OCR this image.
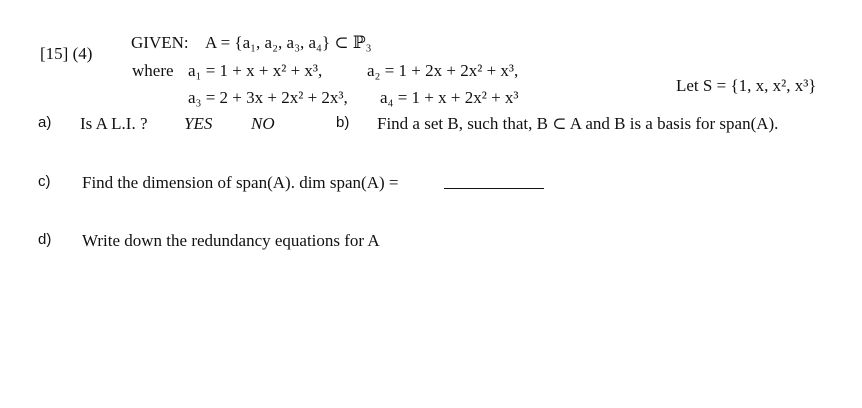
[15] (4)
GIVEN: A = {a₁, a₂, a₃, a₄} ⊂ ℙ₃
where a₁ = 1 + x + x² + x³,	a₂ = 1 + 2x + 2x² + x³,
a₃ = 2 + 3x + 2x² + 2x³, a₄ = 1 + x + 2x² + x³
Let S = {1, x, x², x³}
a) Is A L.I. ? YES NO	b) Find a set B, such that, B ⊂ A and B is a basis for span(A).
c) Find the dimension of span(A). dim span(A) =
d) Write down the redundancy equations for A
